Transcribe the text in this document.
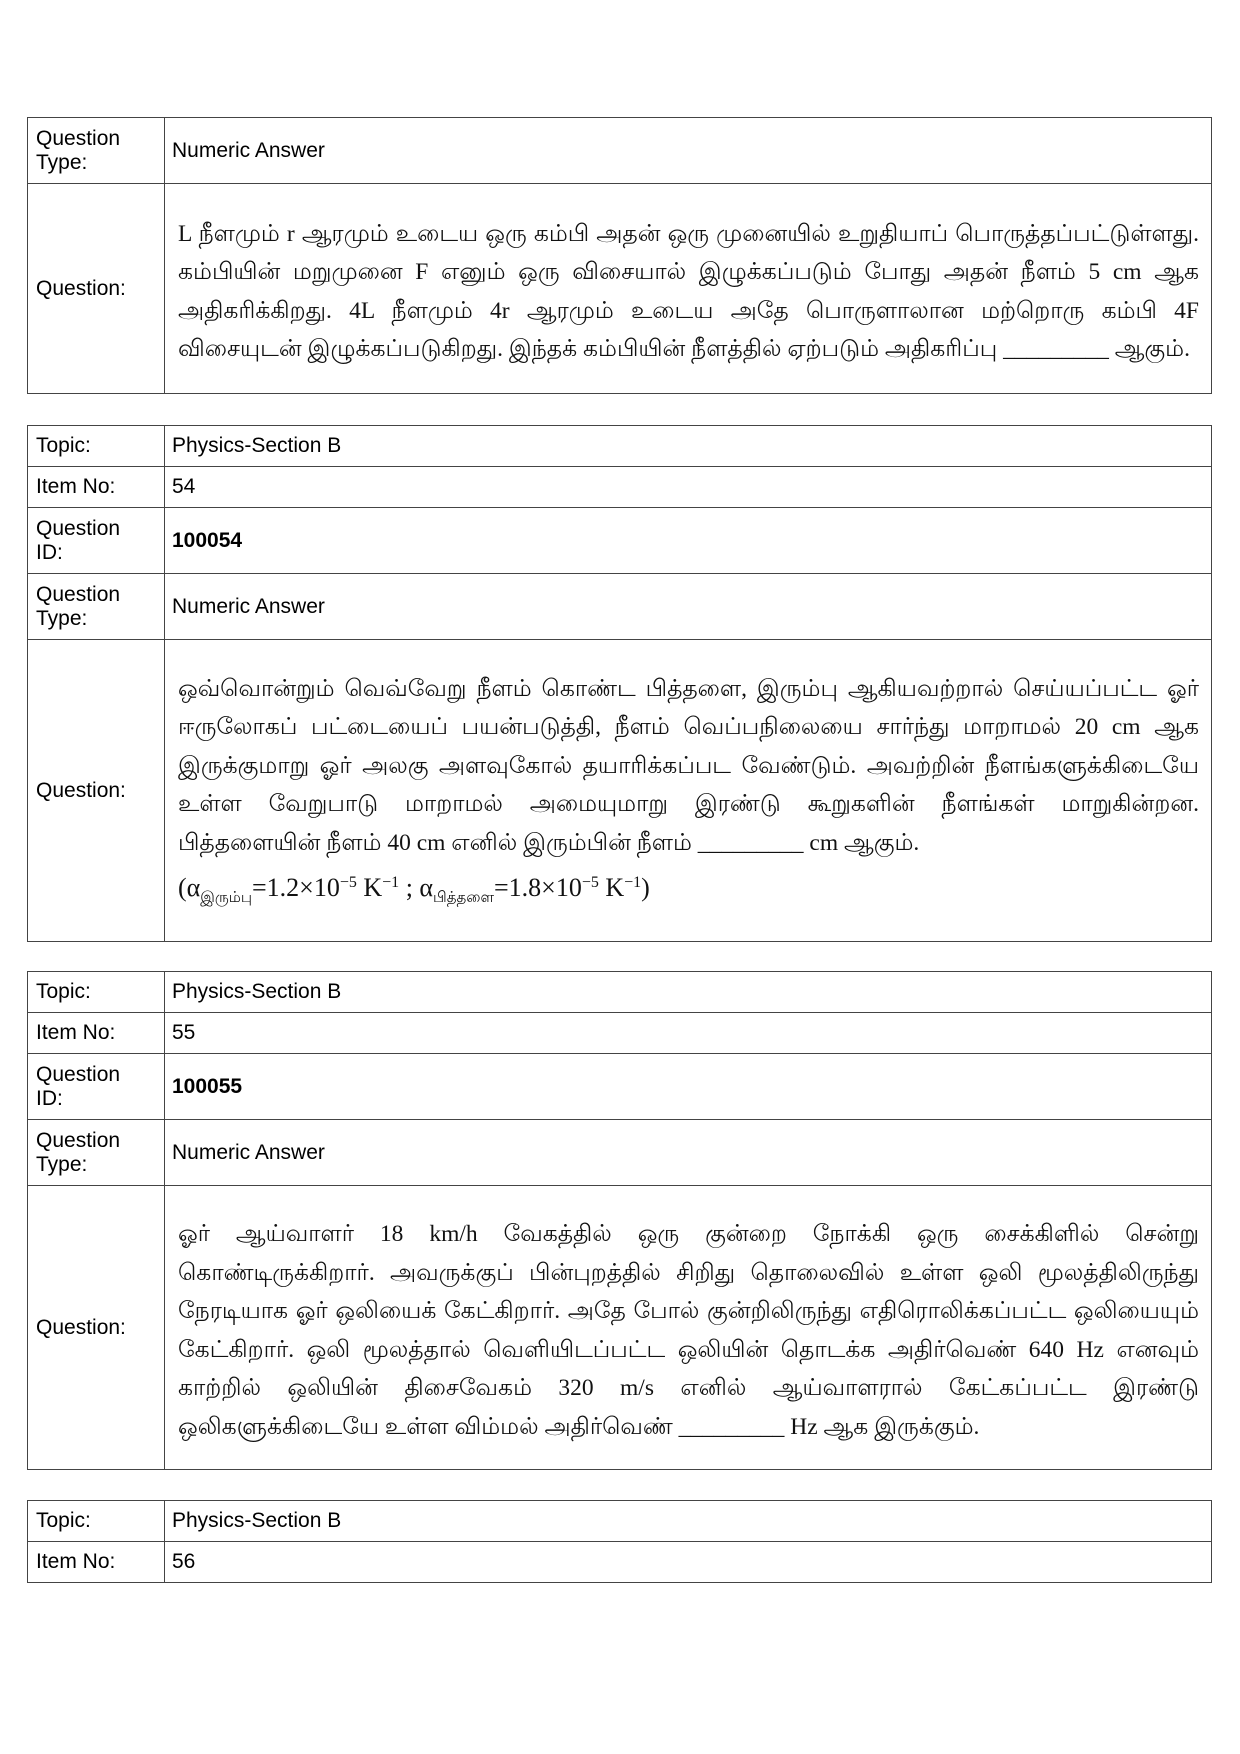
Question
Type:	Numeric Answer
Question:	L நீளமும் r ஆரமும் உடைய ஒரு கம்பி அதன் ஒரு முனையில் உறுதியாப் பொருத்தப்பட்டுள்ளது. கம்பியின் மறுமுனை F எனும் ஒரு விசையால் இழுக்கப்படும் போது அதன் நீளம் 5 cm ஆக அதிகரிக்கிறது. 4L நீளமும் 4r ஆரமும் உடைய அதே பொருளாலான மற்றொரு கம்பி 4F விசையுடன் இழுக்கப்படுகிறது. இந்தக் கம்பியின் நீளத்தில் ஏற்படும் அதிகரிப்பு _________ ஆகும்.

Topic:	Physics-Section B
Item No:	54
Question
ID:	100054
Question
Type:	Numeric Answer
Question:	ஒவ்வொன்றும் வெவ்வேறு நீளம் கொண்ட பித்தளை, இரும்பு ஆகியவற்றால் செய்யப்பட்ட ஓர் ஈருலோகப் பட்டையைப் பயன்படுத்தி, நீளம் வெப்பநிலையை சார்ந்து மாறாமல் 20 cm ஆக இருக்குமாறு ஓர் அலகு அளவுகோல் தயாரிக்கப்பட வேண்டும். அவற்றின் நீளங்களுக்கிடையே உள்ள வேறுபாடு மாறாமல் அமையுமாறு இரண்டு கூறுகளின் நீளங்கள் மாறுகின்றன. பித்தளையின் நீளம் 40 cm எனில் இரும்பின் நீளம் _________ cm ஆகும்.

($\alpha_{இரும்பு}=1.2\times 10^{-5}$ $K^{-1}$ ; $\alpha_{பித்தளை}=1.8\times 10^{-5}$ $K^{-1}$)

Topic:	Physics-Section B
Item No:	55
Question
ID:	100055
Question
Type:	Numeric Answer
Question:	ஓர் ஆய்வாளர் 18 km/h வேகத்தில் ஒரு குன்றை நோக்கி ஒரு சைக்கிளில் சென்று கொண்டிருக்கிறார். அவருக்குப் பின்புறத்தில் சிறிது தொலைவில் உள்ள ஒலி மூலத்திலிருந்து நேரடியாக ஓர் ஒலியைக் கேட்கிறார். அதே போல் குன்றிலிருந்து எதிரொலிக்கப்பட்ட ஒலியையும் கேட்கிறார். ஒலி மூலத்தால் வெளியிடப்பட்ட ஒலியின் தொடக்க அதிர்வெண் 640 Hz எனவும் காற்றில் ஒலியின் திசைவேகம் 320 m/s எனில் ஆய்வாளரால் கேட்கப்பட்ட இரண்டு ஒலிகளுக்கிடையே உள்ள விம்மல் அதிர்வெண் _________ Hz ஆக இருக்கும்.

Topic:	Physics-Section B
Item No:	56
